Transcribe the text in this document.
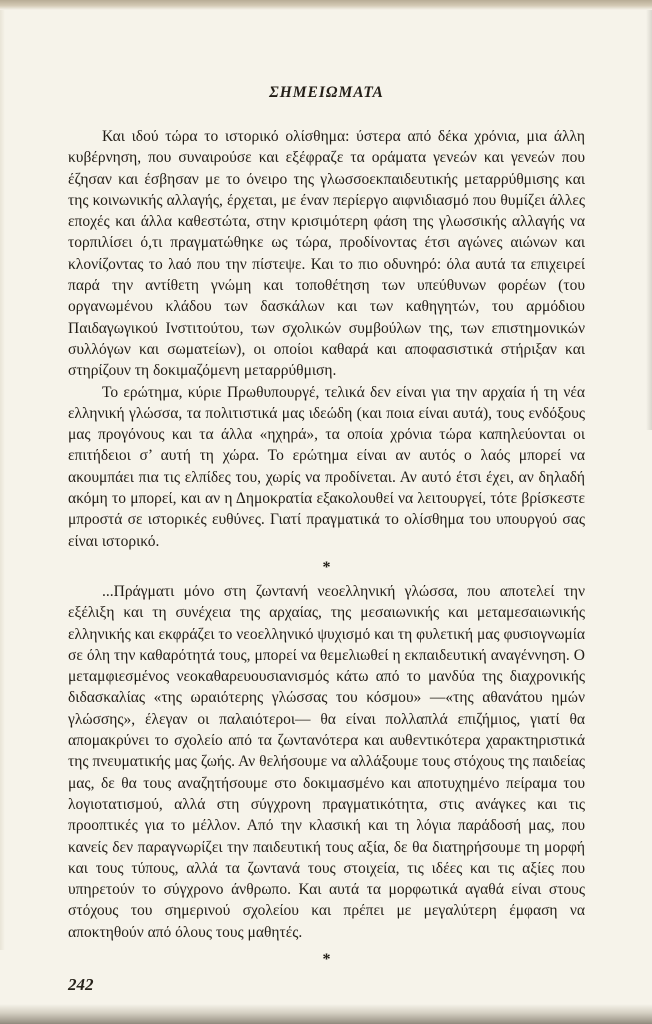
ΣΗΜΕΙΩΜΑΤΑ

Και ιδού τώρα το ιστορικό ολίσθημα: ύστερα από δέκα χρόνια, μια άλλη κυβέρνηση, που συναιρούσε και εξέφραζε τα οράματα γενεών και γενεών που έζησαν και έσβησαν με το όνειρο της γλωσσοεκπαιδευτικής μεταρρύθμισης και της κοινωνικής αλλαγής, έρχεται, με έναν περίεργο αιφνιδιασμό που θυμίζει άλλες εποχές και άλλα καθεστώτα, στην κρισιμότερη φάση της γλωσσικής αλλαγής να τορπιλίσει ό,τι πραγματώθηκε ως τώρα, προδίνοντας έτσι αγώνες αιώνων και κλονίζοντας το λαό που την πίστεψε. Και το πιο οδυνηρό: όλα αυτά τα επιχειρεί παρά την αντίθετη γνώμη και τοποθέτηση των υπεύθυνων φορέων (του οργανωμένου κλάδου των δασκάλων και των καθηγητών, του αρμόδιου Παιδαγωγικού Ινστιτούτου, των σχολικών συμβούλων της, των επιστημονικών συλλόγων και σωματείων), οι οποίοι καθαρά και αποφασιστικά στήριξαν και στηρίζουν τη δοκιμαζόμενη μεταρρύθμιση.

Το ερώτημα, κύριε Πρωθυπουργέ, τελικά δεν είναι για την αρχαία ή τη νέα ελληνική γλώσσα, τα πολιτιστικά μας ιδεώδη (και ποια είναι αυτά), τους ενδόξους μας προγόνους και τα άλλα «ηχηρά», τα οποία χρόνια τώρα καπηλεύονται οι επιτήδειοι σ’ αυτή τη χώρα. Το ερώτημα είναι αν αυτός ο λαός μπορεί να ακουμπάει πια τις ελπίδες του, χωρίς να προδίνεται. Αν αυτό έτσι έχει, αν δηλαδή ακόμη το μπορεί, και αν η Δημοκρατία εξακολουθεί να λειτουργεί, τότε βρίσκεστε μπροστά σε ιστορικές ευθύνες. Γιατί πραγματικά το ολίσθημα του υπουργού σας είναι ιστορικό.

*

...Πράγματι μόνο στη ζωντανή νεοελληνική γλώσσα, που αποτελεί την εξέλιξη και τη συνέχεια της αρχαίας, της μεσαιωνικής και μεταμεσαιωνικής ελληνικής και εκφράζει το νεοελληνικό ψυχισμό και τη φυλετική μας φυσιογνωμία σε όλη την καθαρότητά τους, μπορεί να θεμελιωθεί η εκπαιδευτική αναγέννηση. Ο μεταμφιεσμένος νεοκαθαρευουσιανισμός κάτω από το μανδύα της διαχρονικής διδασκαλίας «της ωραιότερης γλώσσας του κόσμου» —«της αθανάτου ημών γλώσσης», έλεγαν οι παλαιότεροι— θα είναι πολλαπλά επιζήμιος, γιατί θα απομακρύνει το σχολείο από τα ζωντανότερα και αυθεντικότερα χαρακτηριστικά της πνευματικής μας ζωής. Αν θελήσουμε να αλλάξουμε τους στόχους της παιδείας μας, δε θα τους αναζητήσουμε στο δοκιμασμένο και αποτυχημένο πείραμα του λογιοτατισμού, αλλά στη σύγχρονη πραγματικότητα, στις ανάγκες και τις προοπτικές για το μέλλον. Από την κλασική και τη λόγια παράδοσή μας, που κανείς δεν παραγνωρίζει την παιδευτική τους αξία, δε θα διατηρήσουμε τη μορφή και τους τύπους, αλλά τα ζωντανά τους στοιχεία, τις ιδέες και τις αξίες που υπηρετούν το σύγχρονο άνθρωπο. Και αυτά τα μορφωτικά αγαθά είναι στους στόχους του σημερινού σχολείου και πρέπει με μεγαλύτερη έμφαση να αποκτηθούν από όλους τους μαθητές.

*
242
